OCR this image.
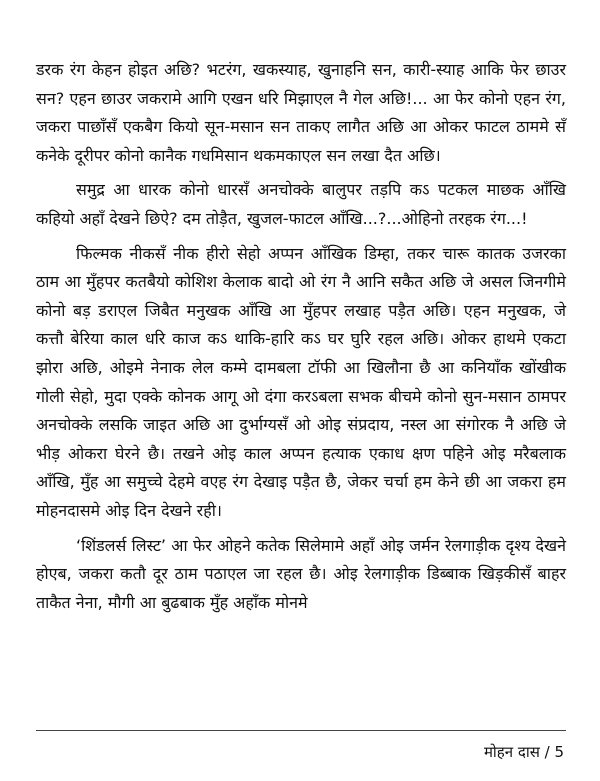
डरक रंग केहन होइत अछि? भटरंग, खकस्याह, खुनाहनि सन, कारी-स्याह आकि फेर छाउर सन? एहन छाउर जकरामे आगि एखन धरि मिझाएल नै गेल अछि!... आ फेर कोनो एहन रंग, जकरा पाछाँसँ एकबैग कियो सून-मसान सन ताकए लागैत अछि आ ओकर फाटल ठाममे सँ कनेके दूरीपर कोनो कानैक गधमिसान थकमकाएल सन लखा दैत अछि।

समुद्र आ धारक कोनो धारसँ अनचोक्के बालुपर तड़पि कऽ पटकल माछक आँखि कहियो अहाँ देखने छिऐ? दम तोड़ैत, खुजल-फाटल आँखि...?...ओहिनो तरहक रंग...!

फिल्मक नीकसँ नीक हीरो सेहो अप्पन आँखिक डिम्हा, तकर चारू कातक उजरका ठाम आ मुँहपर कतबैयो कोशिश केलाक बादो ओ रंग नै आनि सकैत अछि जे असल जिनगीमे कोनो बड़ डराएल जिबैत मनुखक आँखि आ मुँहपर लखाह पड़ैत अछि। एहन मनुखक, जे कत्तौ बेरिया काल धरि काज कऽ थाकि-हारि कऽ घर घुरि रहल अछि। ओकर हाथमे एकटा झोरा अछि, ओइमे नेनाक लेल कम्मे दामबला टॉफी आ खिलौना छै आ कनियाँक खोंखीक गोली सेहो, मुदा एक्के कोनक आगू ओ दंगा करऽबला सभक बीचमे कोनो सुन-मसान ठामपर अनचोक्के लसकि जाइत अछि आ दुर्भाग्यसँ ओ ओइ संप्रदाय, नस्ल आ संगोरक नै अछि जे भीड़ ओकरा घेरने छै। तखने ओइ काल अप्पन हत्याक एकाध क्षण पहिने ओइ मरैबलाक आँखि, मुँह आ समुच्चे देहमे वएह रंग देखाइ पड़ैत छै, जेकर चर्चा हम केने छी आ जकरा हम मोहनदासमे ओइ दिन देखने रही।

‘शिंडलर्स लिस्ट’ आ फेर ओहने कतेक सिलेमामे अहाँ ओइ जर्मन रेलगाड़ीक दृश्य देखने होएब, जकरा कतौ दूर ठाम पठाएल जा रहल छै। ओइ रेलगाड़ीक डिब्बाक खिड़कीसँ बाहर ताकैत नेना, मौगी आ बुढबाक मुँह अहाँक मोनमे

मोहन दास / 5
